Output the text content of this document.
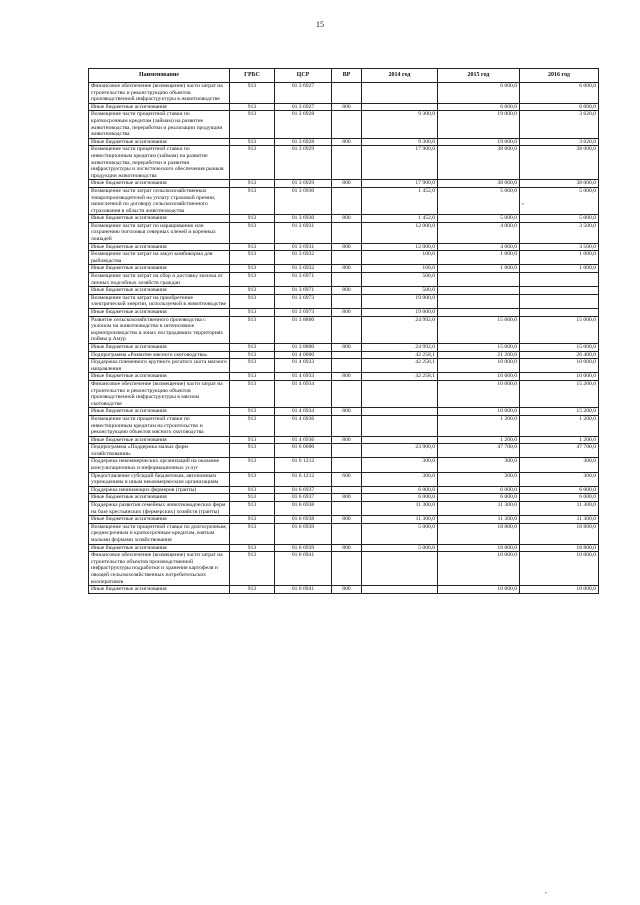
15
Наименование	ГРБС	ЦСР	ВР	2014 год	2015 год	2016 год
Финансовое обеспечение (возмещение) части затрат на строительство и реконструкцию объектов производственной инфраструктуры в животноводстве	913	01 3 6927			6 000,0	6 000,0
Иные бюджетные ассигнования	913	01 3 6927	800		6 000,0	6 000,0
Возмещение части процентной ставки по краткосрочным кредитам (займам) на развитие животноводства, переработки и реализации продукции животноводства	913	01 3 6928		9 300,0	19 000,0	3 620,0
Иные бюджетные ассигнования	913	01 3 6928	800	9 300,0	19 000,0	3 620,0
Возмещение части процентной ставки по инвестиционным кредитам (займам) на развитие животноводства, переработки и развития инфраструктуры и логистического обеспечения рынков продукции животноводства	913	01 3 6929		17 900,0	38 000,0	38 000,0
Иные бюджетные ассигнования	913	01 3 6929	800	17 900,0	38 000,0	38 000,0
Возмещение части затрат сельскохозяйственных товаропроизводителей на уплату страховой премии, начисленной по договору сельскохозяйственного страхования в области животноводства	913	01 3 6930		1 452,0	5 000,0	5 000,0
Иные бюджетные ассигнования	913	01 3 6930	800	1 452,0	5 000,0	5 000,0
Возмещение части затрат по наращиванию или сохранению поголовья северных оленей и коренных лошадей	913	01 3 6931		12 000,0	4 000,0	3 500,0
Иные бюджетные ассигнования	913	01 3 6931	800	12 000,0	4 000,0	3 500,0
Возмещение части затрат на закуп комбикорма для рыбоводства	913	01 3 6932		100,0	1 000,0	1 000,0
Иные бюджетные ассигнования	913	01 3 6932	800	100,0	1 000,0	1 000,0
Возмещение части затрат на сбор и доставку молока от личных подсобных хозяйств граждан	913	01 3 6971		500,0		
Иные бюджетные ассигнования	913	01 3 6971	800	500,0		
Возмещение части затрат на приобретение электрической энергии, используемой в животноводстве	913	01 3 6973		19 000,0		
Иные бюджетные ассигнования	913	01 3 6973	800	19 000,0		
Развитие сельскохозяйственного производства с уклоном на животноводство в интенсивное кормопроизводство в зонах пострадавших территориях поймы р.Амур	913	01 3 8800		24 992,0	15 000,0	15 000,0
Иные бюджетные ассигнования	913	01 3 8800	800	24 992,0	15 000,0	15 000,0
Подпрограмма «Развитие мясного скотоводства»	913	01 4 0000		42 258,1	21 200,0	26 400,0
Поддержка племенного крупного рогатого скота мясного направления	913	01 4 6933		42 258,1	10 000,0	10 000,0
Иные бюджетные ассигнования	913	01 4 6933	800	42 258,1	10 000,0	10 000,0
Финансовое обеспечение (возмещение) части затрат на строительство и реконструкцию объектов производственной инфраструктуры в мясном скотоводстве	913	01 4 6934			10 000,0	15 200,0
Иные бюджетные ассигнования	913	01 4 6934	800		10 000,0	15 200,0
Возмещение части процентной ставки по инвестиционным кредитам на строительство и реконструкцию объектов мясного скотоводства	913	01 4 6936			1 200,0	1 200,0
Иные бюджетные ассигнования	913	01 4 6936	800		1 200,0	1 200,0
Подпрограмма «Поддержка малых форм хозяйствования»	913	01 6 0000		23 900,0	47 700,0	47 700,0
Поддержка некоммерческих организаций на оказание консультационных и информационных услуг	913	01 6 1212		300,0	300,0	300,0
Предоставление субсидий бюджетным, автономным учреждениям и иным некоммерческим организациям	913	01 6 1212	600	300,0	300,0	300,0
Поддержка начинающих фермеров (гранты)	913	01 6 6937		6 000,0	6 000,0	6 000,0
Иные бюджетные ассигнования	913	01 6 6937	800	6 000,0	6 000,0	6 000,0
Поддержка развития семейных животноводческих ферм на базе крестьянских (фермерских) хозяйств (гранты)	913	01 6 6938		11 300,0	11 300,0	11 300,0
Иные бюджетные ассигнования	913	01 6 6938	800	11 300,0	11 300,0	11 300,0
Возмещение части процентной ставки по долгосрочным, среднесрочным и краткосрочным кредитам, взятым малыми формами хозяйствования	913	01 6 6939		5 000,0	18 800,0	18 800,0
Иные бюджетные ассигнования	913	01 6 6939	800	5 000,0	18 800,0	18 800,0
Финансовое обеспечение (возмещение) части затрат на строительство объектов производственной инфраструктуры подработки и хранения картофеля и овощей сельскохозяйственных потребительских кооперативов	913	01 6 6941			10 000,0	10 000,0
Иные бюджетные ассигнования	913	01 6 6941	800		10 000,0	10 000,0
,
,
